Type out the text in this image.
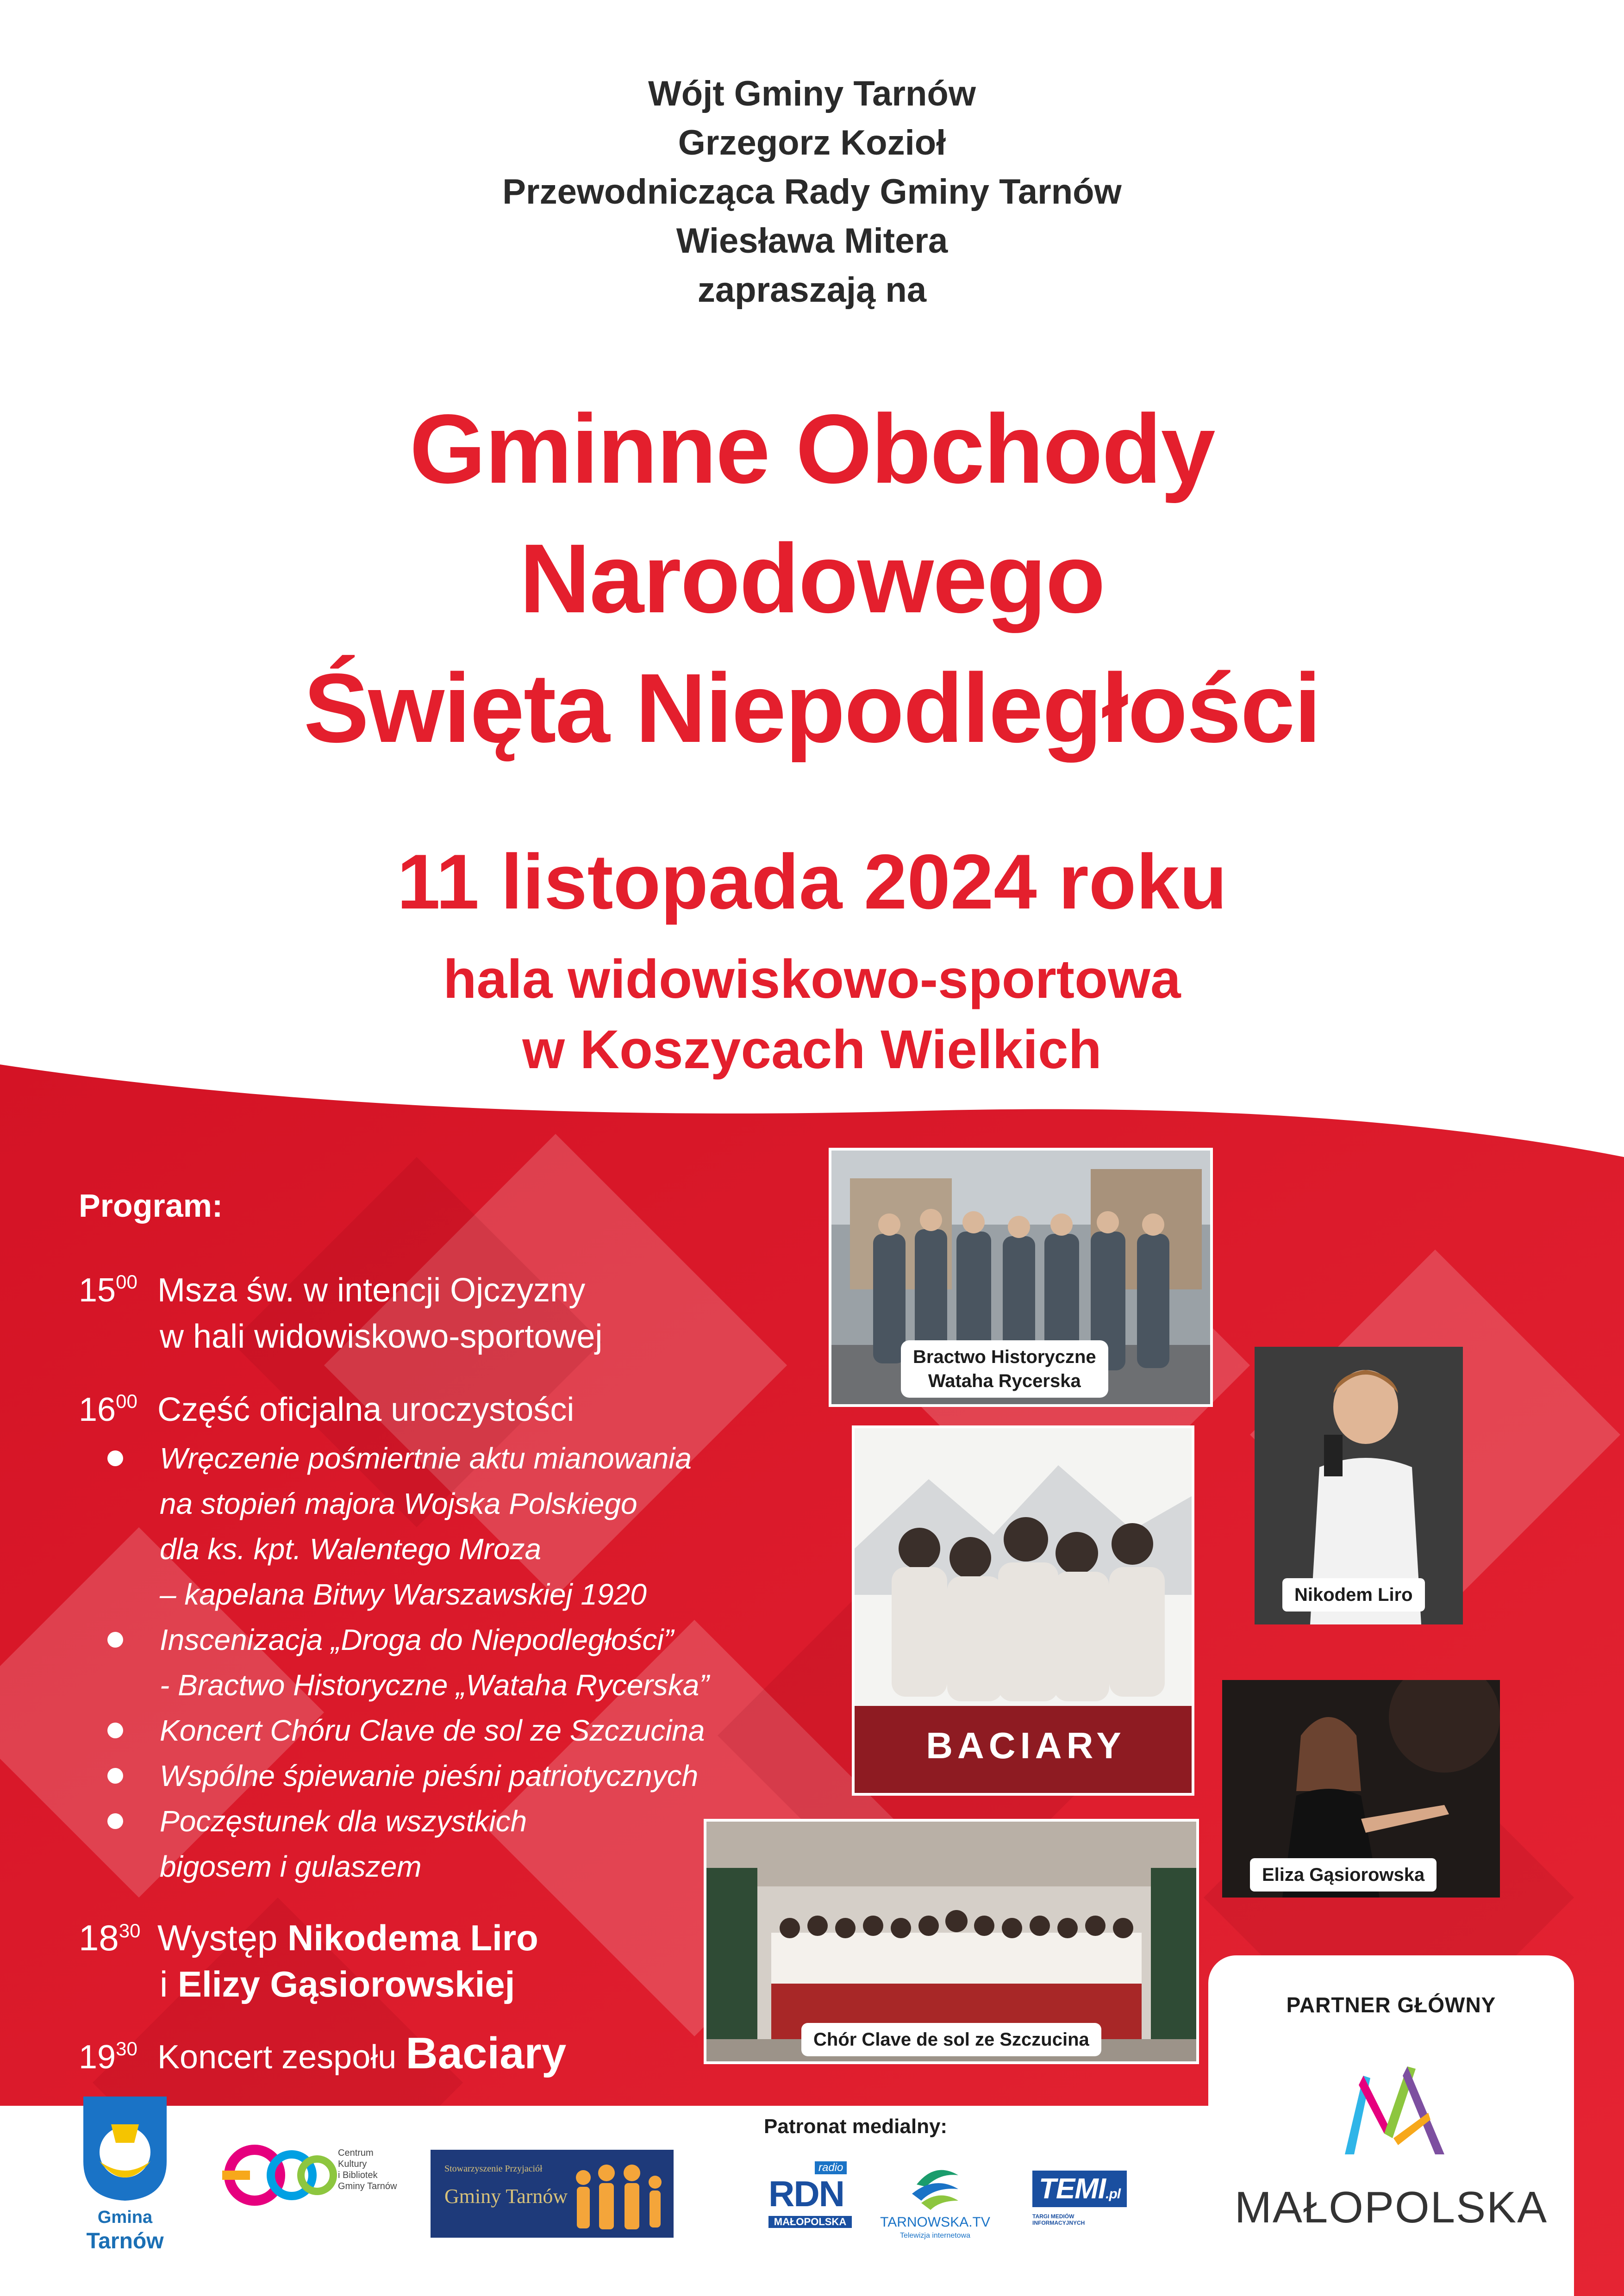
Wójt Gminy Tarnów
Grzegorz Kozioł
Przewodnicząca Rady Gminy Tarnów
Wiesława Mitera
zapraszają na
Gminne Obchody
Narodowego
Święta Niepodległości
11 listopada 2024 roku
hala widowiskowo-sportowa
w Koszycach Wielkich
Program:
$15^{00}$ Msza św. w intencji Ojczyzny
w hali widowiskowo-sportowej
$16^{00}$ Część oficjalna uroczystości
Wręczenie pośmiertnie aktu mianowania
na stopień majora Wojska Polskiego
dla ks. kpt. Walentego Mroza
– kapelana Bitwy Warszawskiej 1920
Inscenizacja „Droga do Niepodległości”
- Bractwo Historyczne „Wataha Rycerska”
Koncert Chóru Clave de sol ze Szczucina
Wspólne śpiewanie pieśni patriotycznych
Poczęstunek dla wszystkich
bigosem i gulaszem
$18^{30}$ Występ Nikodema Liro
i Elizy Gąsiorowskiej
$19^{30}$ Koncert zespołu Baciary
Bractwo Historyczne
Wataha Rycerska
Nikodem Liro
BACIARY
Eliza Gąsiorowska
Chór Clave de sol ze Szczucina
PARTNER GŁÓWNY
MAŁOPOLSKA
Gmina
Tarnów
Centrum
Kultury
i Bibliotek
Gminy Tarnów
Stowarzyszenie Przyjaciół
Gminy Tarnów
Patronat medialny:
radio
RDN
MAŁOPOLSKA	TARNOWSKA.TV
Telewizja internetowa
TEMI.pl
TARGI MEDIÓW INFORMACYJNYCH
